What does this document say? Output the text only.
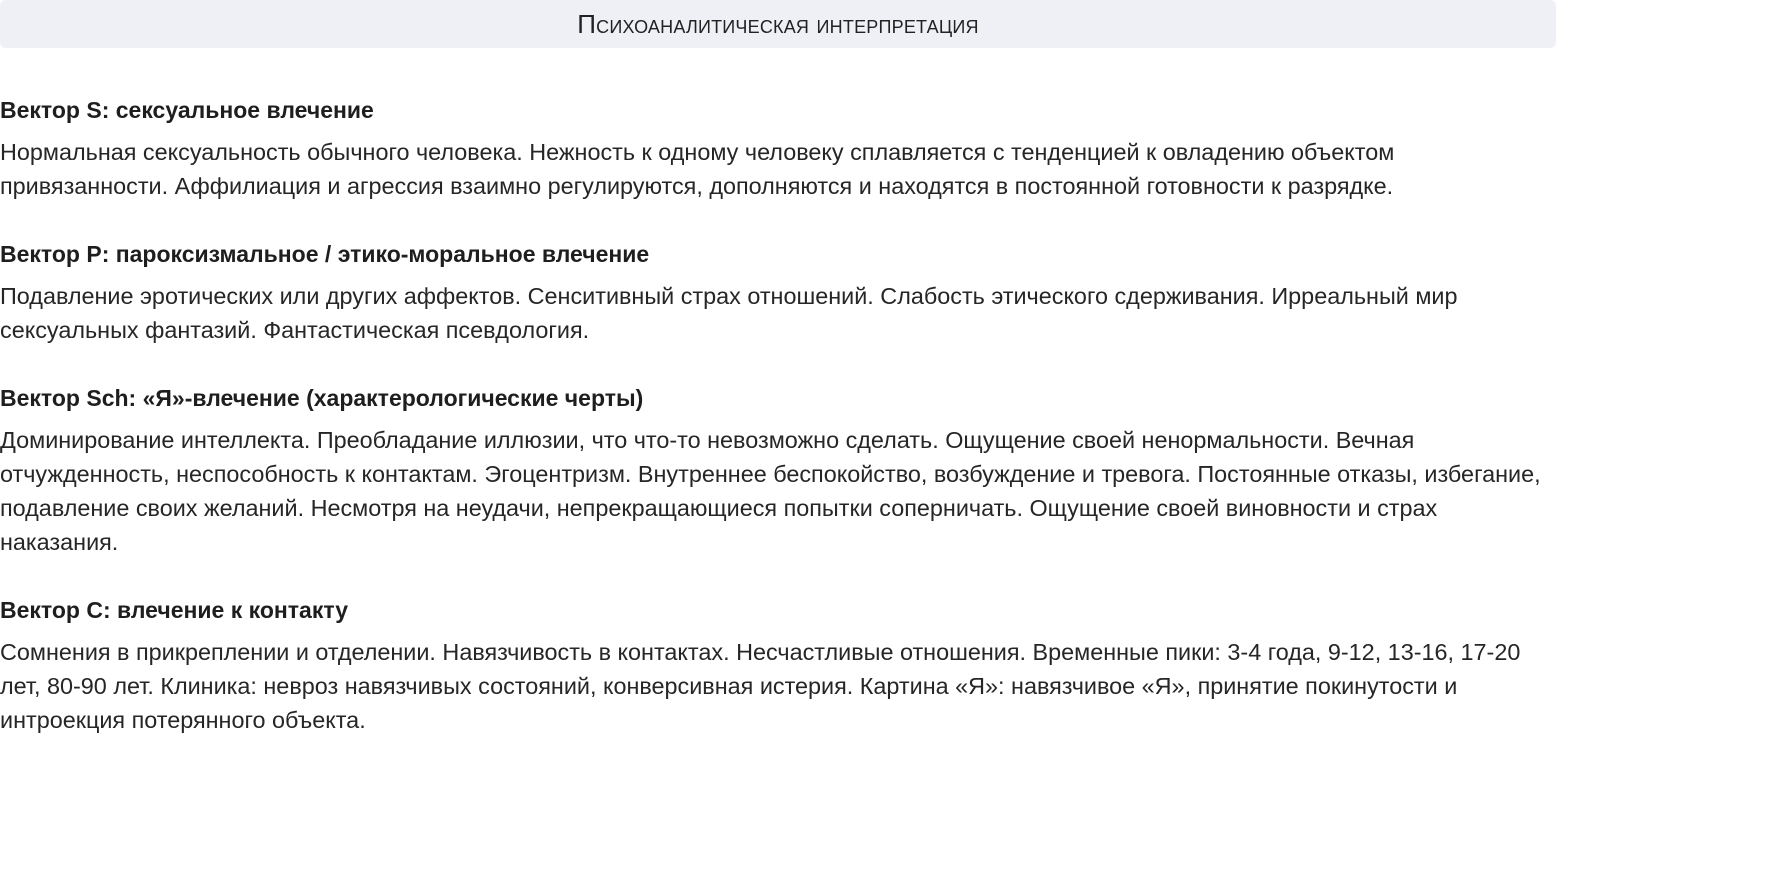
Психоаналитическая интерпретация
Вектор S: сексуальное влечение

Нормальная сексуальность обычного человека. Нежность к одному человеку сплавляется с тенденцией к овладению объектом привязанности. Аффилиация и агрессия взаимно регулируются, дополняются и находятся в постоянной готовности к разрядке.

Вектор P: пароксизмальное / этико-моральное влечение

Подавление эротических или других аффектов. Сенситивный страх отношений. Слабость этического сдерживания. Ирреальный мир сексуальных фантазий. Фантастическая псевдология.

Вектор Sch: «Я»-влечение (характерологические черты)

Доминирование интеллекта. Преобладание иллюзии, что что-то невозможно сделать. Ощущение своей ненормальности. Вечная отчужденность, неспособность к контактам. Эгоцентризм. Внутреннее беспокойство, возбуждение и тревога. Постоянные отказы, избегание, подавление своих желаний. Несмотря на неудачи, непрекращающиеся попытки соперничать. Ощущение своей виновности и страх наказания.

Вектор C: влечение к контакту

Сомнения в прикреплении и отделении. Навязчивость в контактах. Несчастливые отношения. Временные пики: 3-4 года, 9-12, 13-16, 17-20 лет, 80-90 лет. Клиника: невроз навязчивых состояний, конверсивная истерия. Картина «Я»: навязчивое «Я», принятие покинутости и интроекция потерянного объекта.
